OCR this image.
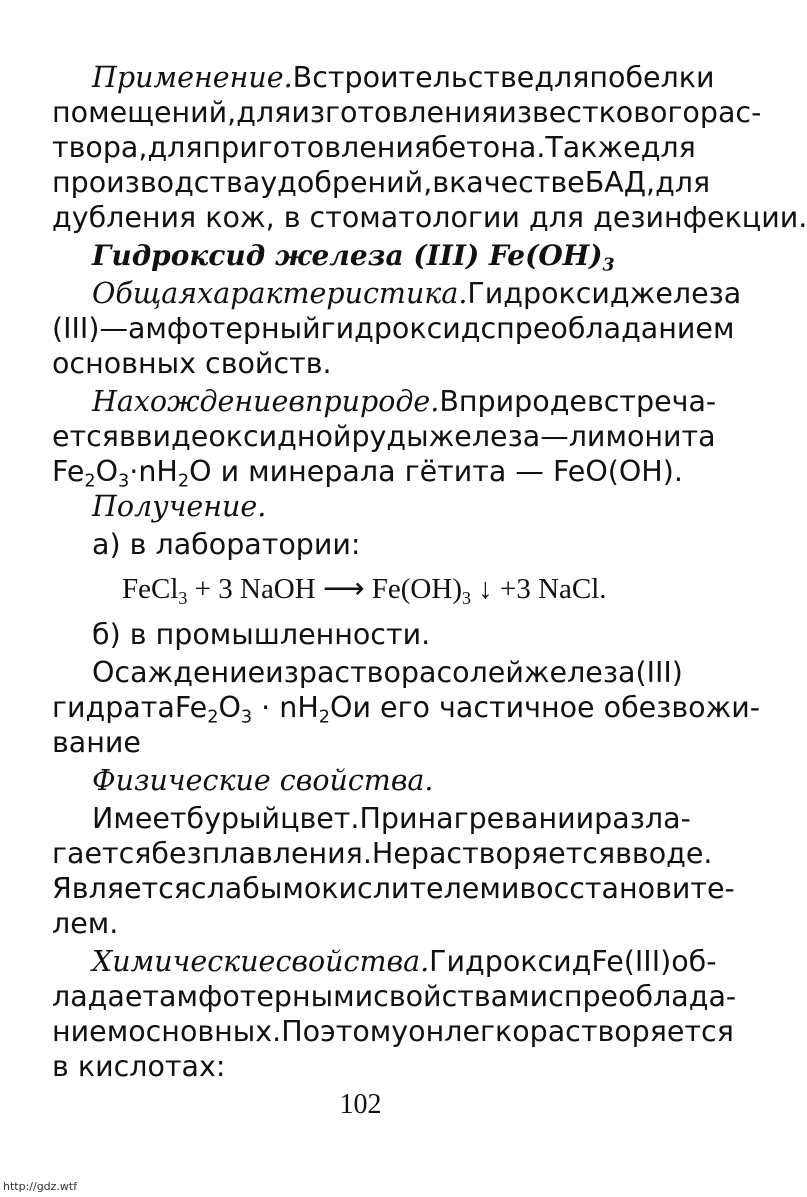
Применение. В строительстве для побелки
помещений, для изготовления известкового рас-
твора, для приготовления бетона. Так же для
производства удобрений, в качестве БАД, для
дубления кож, в стоматологии для дезинфекции.
Гидроксид железа (III) $Fe(OH)_3$
Общая характеристика. Гидроксид железа
(III) — амфотерный гидроксид с преобладанием
основных свойств.
Нахождение в природе. В природе встреча-
ется в виде оксидной руды железа — лимонита
$Fe_2O_3\cdot nH_2$ O и минерала гётита — FeO(OH).
Получение.
а) в лаборатории:
FeCl$_3$ + 3 NaOH ⟶ $Fe(OH)_3$ ↓ +3 NaCl.
б) в промышленности.
Осаждение из раствора солей железа (III)
гидрата $Fe_2O_3 \cdot nH_2O$ и его частичное обезвожи-
вание
Физические свойства.
Имеет бурый цвет. При нагревании разла-
гается без плавления. Не растворяется в воде.
Является слабым окислителем и восстановите-
лем.
Химические свойства. Гидроксид Fe (III) об-
ладает амфотерными свойствами с преоблада-
нием основных. Поэтому он легко растворяется
в кислотах:
102
http://gdz.wtf
